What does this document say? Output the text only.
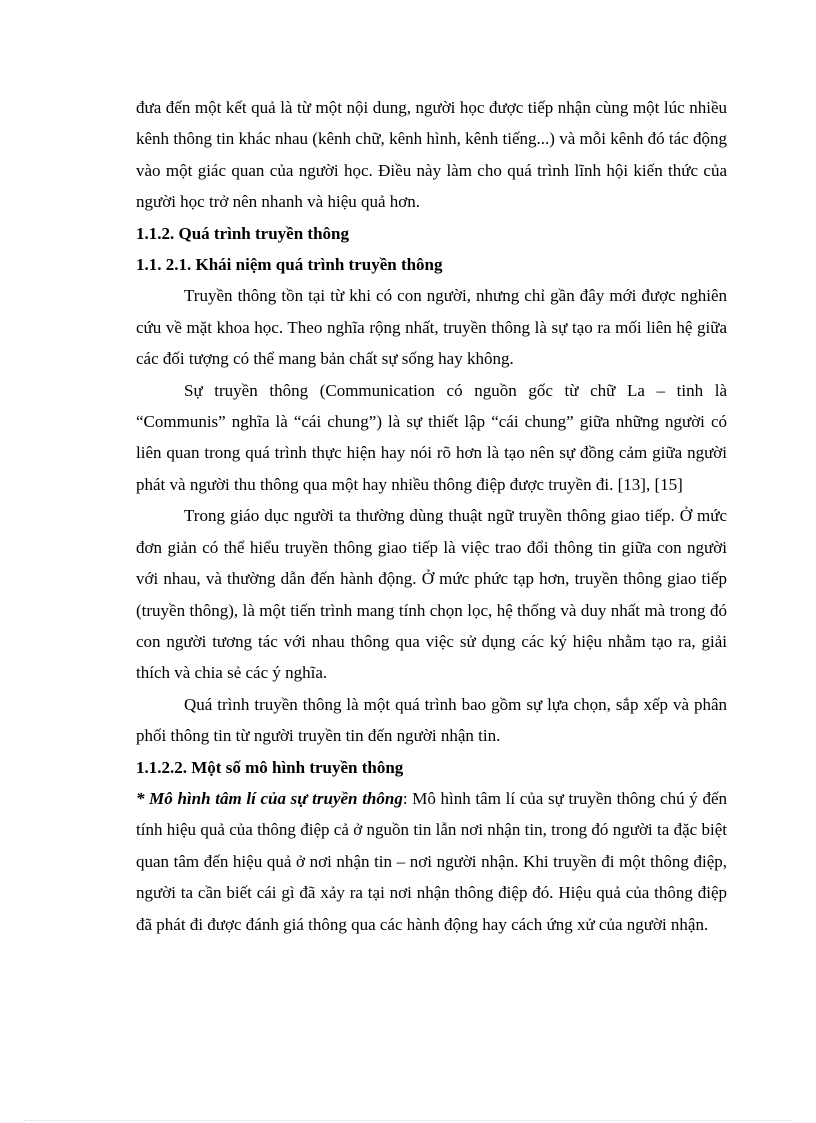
đưa đến một kết quả là từ một nội dung, người học được tiếp nhận cùng một lúc nhiều kênh thông tin khác nhau (kênh chữ, kênh hình, kênh tiếng...) và mỗi kênh đó tác động vào một giác quan của người học. Điều này làm cho quá trình lĩnh hội kiến thức của người học trở nên nhanh và hiệu quả hơn.

1.1.2. Quá trình truyền thông

1.1. 2.1. Khái niệm quá trình truyền thông

Truyền thông tồn tại từ khi có con người, nhưng chỉ gần đây mới được nghiên cứu về mặt khoa học. Theo nghĩa rộng nhất, truyền thông là sự tạo ra mối liên hệ giữa các đối tượng có thể mang bản chất sự sống hay không.

Sự truyền thông (Communication có nguồn gốc từ chữ La – tinh là “Communis” nghĩa là “cái chung”) là sự thiết lập “cái chung” giữa những người có liên quan trong quá trình thực hiện hay nói rõ hơn là tạo nên sự đồng cảm giữa người phát và người thu thông qua một hay nhiều thông điệp được truyền đi. [13], [15]

Trong giáo dục người ta thường dùng thuật ngữ truyền thông giao tiếp. Ở mức đơn giản có thể hiểu truyền thông giao tiếp là việc trao đổi thông tin giữa con người với nhau, và thường dẫn đến hành động. Ở mức phức tạp hơn, truyền thông giao tiếp (truyền thông), là một tiến trình mang tính chọn lọc, hệ thống và duy nhất mà trong đó con người tương tác với nhau thông qua việc sử dụng các ký hiệu nhằm tạo ra, giải thích và chia sẻ các ý nghĩa.

Quá trình truyền thông là một quá trình bao gồm sự lựa chọn, sắp xếp và phân phối thông tin từ người truyền tin đến người nhận tin.

1.1.2.2. Một số mô hình truyền thông

* Mô hình tâm lí của sự truyền thông: Mô hình tâm lí của sự truyền thông chú ý đến tính hiệu quả của thông điệp cả ở nguồn tin lẫn nơi nhận tin, trong đó người ta đặc biệt quan tâm đến hiệu quả ở nơi nhận tin – nơi người nhận. Khi truyền đi một thông điệp, người ta cần biết cái gì đã xảy ra tại nơi nhận thông điệp đó. Hiệu quả của thông điệp đã phát đi được đánh giá thông qua các hành động hay cách ứng xử của người nhận.
